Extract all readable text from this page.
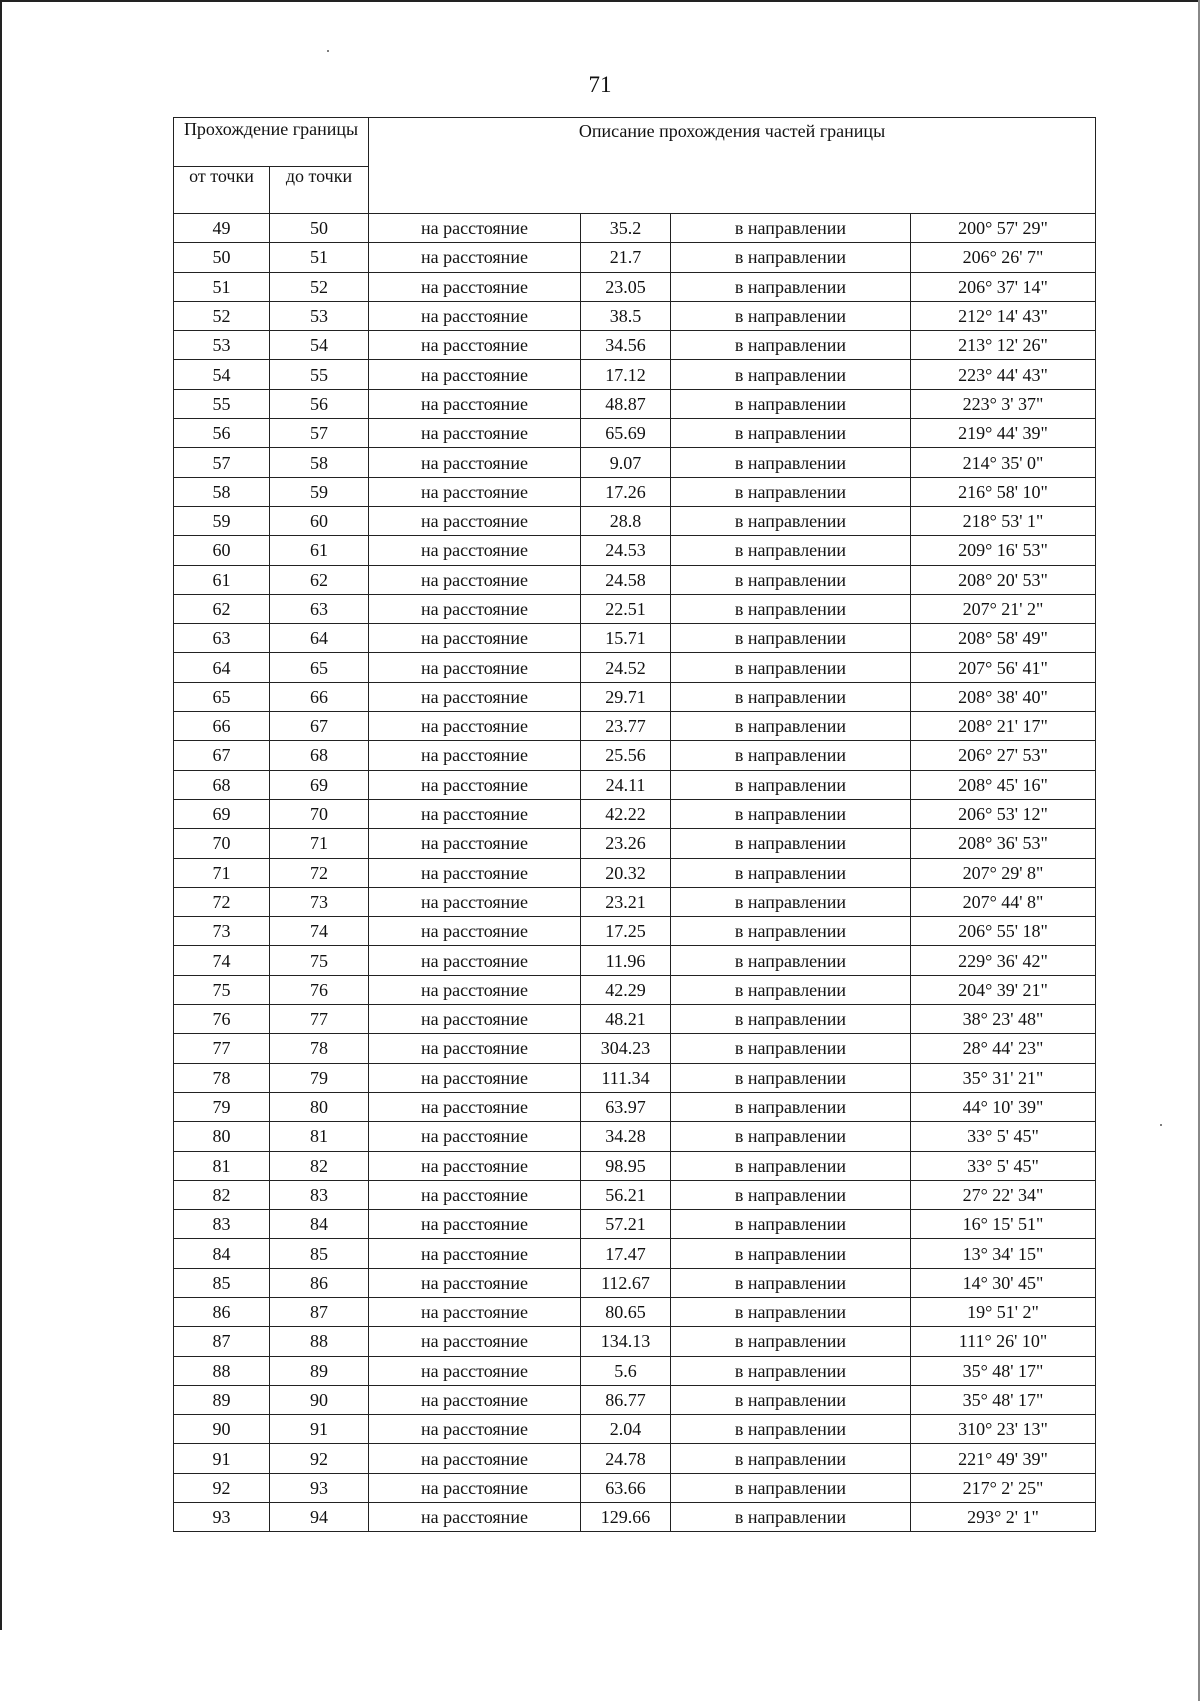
71
Прохождение границы		Описание прохождения частей границы			
от точки	до точки				
49	50	на расстояние	35.2	в направлении	200° 57' 29"
50	51	на расстояние	21.7	в направлении	206° 26' 7"
51	52	на расстояние	23.05	в направлении	206° 37' 14"
52	53	на расстояние	38.5	в направлении	212° 14' 43"
53	54	на расстояние	34.56	в направлении	213° 12' 26"
54	55	на расстояние	17.12	в направлении	223° 44' 43"
55	56	на расстояние	48.87	в направлении	223° 3' 37"
56	57	на расстояние	65.69	в направлении	219° 44' 39"
57	58	на расстояние	9.07	в направлении	214° 35' 0"
58	59	на расстояние	17.26	в направлении	216° 58' 10"
59	60	на расстояние	28.8	в направлении	218° 53' 1"
60	61	на расстояние	24.53	в направлении	209° 16' 53"
61	62	на расстояние	24.58	в направлении	208° 20' 53"
62	63	на расстояние	22.51	в направлении	207° 21' 2"
63	64	на расстояние	15.71	в направлении	208° 58' 49"
64	65	на расстояние	24.52	в направлении	207° 56' 41"
65	66	на расстояние	29.71	в направлении	208° 38' 40"
66	67	на расстояние	23.77	в направлении	208° 21' 17"
67	68	на расстояние	25.56	в направлении	206° 27' 53"
68	69	на расстояние	24.11	в направлении	208° 45' 16"
69	70	на расстояние	42.22	в направлении	206° 53' 12"
70	71	на расстояние	23.26	в направлении	208° 36' 53"
71	72	на расстояние	20.32	в направлении	207° 29' 8"
72	73	на расстояние	23.21	в направлении	207° 44' 8"
73	74	на расстояние	17.25	в направлении	206° 55' 18"
74	75	на расстояние	11.96	в направлении	229° 36' 42"
75	76	на расстояние	42.29	в направлении	204° 39' 21"
76	77	на расстояние	48.21	в направлении	38° 23' 48"
77	78	на расстояние	304.23	в направлении	28° 44' 23"
78	79	на расстояние	111.34	в направлении	35° 31' 21"
79	80	на расстояние	63.97	в направлении	44° 10' 39"
80	81	на расстояние	34.28	в направлении	33° 5' 45"
81	82	на расстояние	98.95	в направлении	33° 5' 45"
82	83	на расстояние	56.21	в направлении	27° 22' 34"
83	84	на расстояние	57.21	в направлении	16° 15' 51"
84	85	на расстояние	17.47	в направлении	13° 34' 15"
85	86	на расстояние	112.67	в направлении	14° 30' 45"
86	87	на расстояние	80.65	в направлении	19° 51' 2"
87	88	на расстояние	134.13	в направлении	111° 26' 10"
88	89	на расстояние	5.6	в направлении	35° 48' 17"
89	90	на расстояние	86.77	в направлении	35° 48' 17"
90	91	на расстояние	2.04	в направлении	310° 23' 13"
91	92	на расстояние	24.78	в направлении	221° 49' 39"
92	93	на расстояние	63.66	в направлении	217° 2' 25"
93	94	на расстояние	129.66	в направлении	293° 2' 1"
